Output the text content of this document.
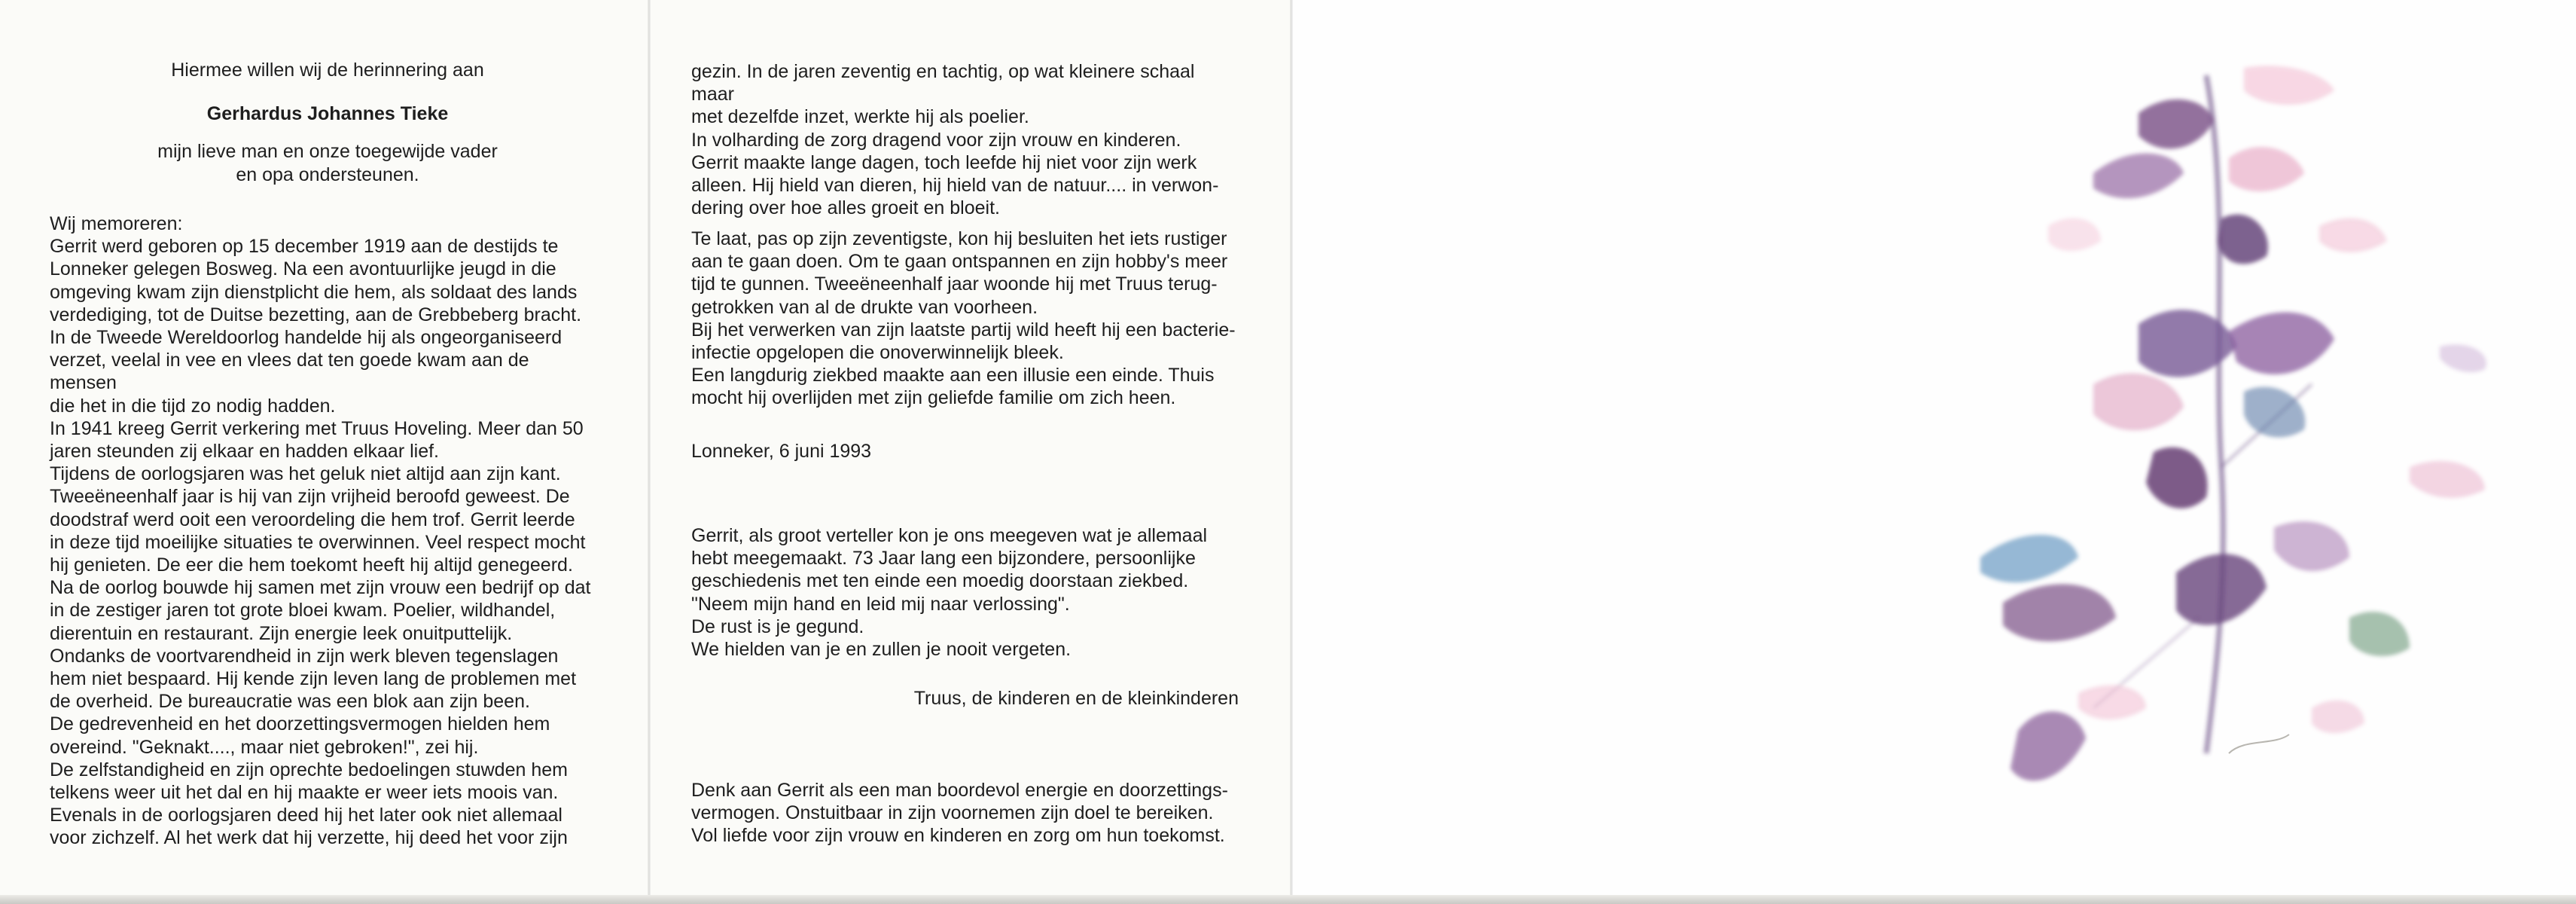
Hiermee willen wij de herinnering aan

Gerhardus Johannes Tieke

mijn lieve man en onze toegewijde vader

en opa ondersteunen.

Wij memoreren:
Gerrit werd geboren op 15 december 1919 aan de destijds te
Lonneker gelegen Bosweg. Na een avontuurlijke jeugd in die
omgeving kwam zijn dienstplicht die hem, als soldaat des lands
verdediging, tot de Duitse bezetting, aan de Grebbeberg bracht.
In de Tweede Wereldoorlog handelde hij als ongeorganiseerd
verzet, veelal in vee en vlees dat ten goede kwam aan de mensen
die het in die tijd zo nodig hadden.
In 1941 kreeg Gerrit verkering met Truus Hoveling. Meer dan 50
jaren steunden zij elkaar en hadden elkaar lief.
Tijdens de oorlogsjaren was het geluk niet altijd aan zijn kant.
Tweeëneenhalf jaar is hij van zijn vrijheid beroofd geweest. De
doodstraf werd ooit een veroordeling die hem trof. Gerrit leerde
in deze tijd moeilijke situaties te overwinnen. Veel respect mocht
hij genieten. De eer die hem toekomt heeft hij altijd genegeerd.
Na de oorlog bouwde hij samen met zijn vrouw een bedrijf op dat
in de zestiger jaren tot grote bloei kwam. Poelier, wildhandel,
dierentuin en restaurant. Zijn energie leek onuitputtelijk.
Ondanks de voortvarendheid in zijn werk bleven tegenslagen
hem niet bespaard. Hij kende zijn leven lang de problemen met
de overheid. De bureaucratie was een blok aan zijn been.
De gedrevenheid en het doorzettingsvermogen hielden hem
overeind. "Geknakt...., maar niet gebroken!", zei hij.
De zelfstandigheid en zijn oprechte bedoelingen stuwden hem
telkens weer uit het dal en hij maakte er weer iets moois van.
Evenals in de oorlogsjaren deed hij het later ook niet allemaal
voor zichzelf. Al het werk dat hij verzette, hij deed het voor zijn
gezin. In de jaren zeventig en tachtig, op wat kleinere schaal maar
met dezelfde inzet, werkte hij als poelier.
In volharding de zorg dragend voor zijn vrouw en kinderen.
Gerrit maakte lange dagen, toch leefde hij niet voor zijn werk
alleen. Hij hield van dieren, hij hield van de natuur.... in verwon-
dering over hoe alles groeit en bloeit.
Te laat, pas op zijn zeventigste, kon hij besluiten het iets rustiger
aan te gaan doen. Om te gaan ontspannen en zijn hobby's meer
tijd te gunnen. Tweeëneenhalf jaar woonde hij met Truus terug-
getrokken van al de drukte van voorheen.
Bij het verwerken van zijn laatste partij wild heeft hij een bacterie-
infectie opgelopen die onoverwinnelijk bleek.
Een langdurig ziekbed maakte aan een illusie een einde. Thuis
mocht hij overlijden met zijn geliefde familie om zich heen.
Lonneker, 6 juni 1993
Gerrit, als groot verteller kon je ons meegeven wat je allemaal
hebt meegemaakt. 73 Jaar lang een bijzondere, persoonlijke
geschiedenis met ten einde een moedig doorstaan ziekbed.
"Neem mijn hand en leid mij naar verlossing".
De rust is je gegund.
We hielden van je en zullen je nooit vergeten.
Truus, de kinderen en de kleinkinderen
Denk aan Gerrit als een man boordevol energie en doorzettings-
vermogen. Onstuitbaar in zijn voornemen zijn doel te bereiken.
Vol liefde voor zijn vrouw en kinderen en zorg om hun toekomst.
